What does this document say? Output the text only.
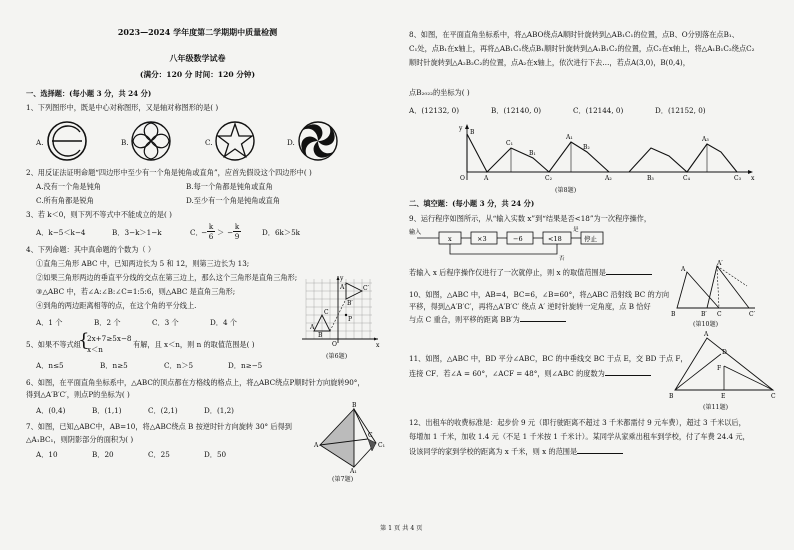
2023—2024 学年度第二学期期中质量检测
八年级数学试卷
(满分：120 分 时间：120 分钟)
一、选择题：(每小题 3 分，共 24 分)
1、下列图形中，既是中心对称图形，又是轴对称图形的是( )
A.	B.	C.	D.
2、用反证法证明命题“四边形中至少有一个角是钝角或直角”，应首先假设这个四边形中( )
A.没有一个角是钝角	B.每一个角都是钝角或直角
C.所有角都是锐角	D.至少有一个角是钝角或直角
3、若 k＜0，则下列不等式中不能成立的是( )
A．k−5＜k−4	B．3−k＞1−k	C．
−
k
6 ＞ −
k
9	D．6k＞5k
4、下列命题：其中真命题的个数为（ ）
①直角三角形 ABC 中，已知两边长为 5 和 12，则第三边长为 13;
②如果三角形两边的垂直平分线的交点在第三边上，那么这个三角形是直角三角形;
③△ABC 中，若∠A:∠B:∠C=1:5:6，则△ABC 是直角三角形;
④到角的两边距离相等的点，在这个角的平分线上.
A．1 个	B．2 个	C．3 个	D．4 个
5、如果不等式组
{
2x+7≥5x−8
x＜n
有解，且 x＜n，则 n 的取值范围是( )
A．n≤5	B．n≥5	C．n＞5	D．n≥−5
6、如图，在平面直角坐标系中，△ABC的顶点都在方格线的格点上，将△ABC绕点P顺时针方向旋转90°，
得到△A′B′C′，则点P的坐标为( )
A．(0,4)	B．(1,1)	C．(2,1)	D．(1,2)
7、如图，已知△ABC中，AB=10，将△ABC绕点 B 按逆时针方向旋转 30° 后得到
△A₁BC₁，则阴影部分的面积为( )
A．10	B．20	C．25	D．50
y
x
O
A
B
C
A′	C′
B′
P
(第6题)
A
B
C
C₁
A₁
(第7题)
第 1 页 共 4 页
8、如图，在平面直角坐标系中，将△ABO绕点A顺时针旋转到△AB₁C₁的位置，点B、O分别落在点B₁、
C₁处，点B₁在x轴上，再将△AB₁C₁绕点B₁顺时针旋转到△A₁B₁C₂的位置，点C₂在x轴上，将△A₁B₁C₂绕点C₂
顺时针旋转到△A₂B₂C₂的位置，点A₂在x轴上，依次进行下去…，若点A(3,0)，B(0,4)，
点B₂₀₂₂的坐标为( )
A．(12132, 0)	B．(12140, 0)	C．(12144, 0)	D．(12152, 0)
y
x
B
O	A
C₁
B₁
C₂
A₁
B₂
A₂	B₃	C₄
A₃
C₃
(第8题)
二、填空题：(每小题 3 分，共 24 分)
9、运行程序如图所示，从“输入实数 x”到“结果是否<18”为一次程序操作，
输入
x	×3	−6	<18	停止
是
否
若输入 x 后程序操作仅进行了一次就停止，则 x 的取值范围是
10、如图，△ABC 中，AB=4，BC=6，∠B=60°，将△ABC 沿射线 BC 的方向
平移，得到△A′B′C′，再将△A′B′C′ 绕点 A′ 逆时针旋转一定角度，点 B 恰好
与点 C 重合，则平移的距离 BB′为
A
A′
B	B′ C	C′
(第10题)
11、如图，△ABC 中，BD 平分∠ABC，BC 的中垂线交 BC 于点 E，交 BD 于点 F，
连接 CF．若∠A = 60°，∠ACF = 48°，则∠ABC 的度数为
A
D
F
B	E	C
(第11题)
12、出租车的收费标准是：起步价 9 元（即行驶距离不超过 3 千米都需付 9 元车费），超过 3 千米以后，
每增加 1 千米，加收 1.4 元（不足 1 千米按 1 千米计）。某同学从家乘出租车到学校，付了车费 24.4 元，
设该同学的家到学校的距离为 x 千米，则 x 的范围是
